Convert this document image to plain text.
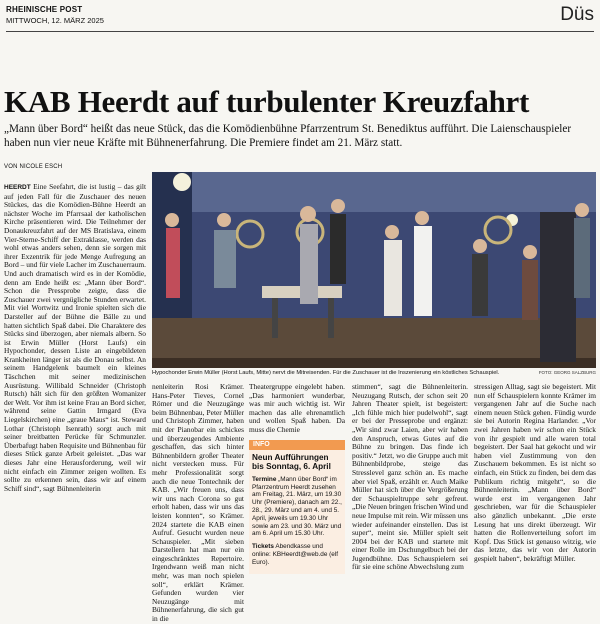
RHEINISCHE POST
MITTWOCH, 12. MÄRZ 2025	Düs
KAB Heerdt auf turbulenter Kreuzfahrt

„Mann über Bord“ heißt das neue Stück, das die Komödienbühne Pfarrzentrum St. Benediktus aufführt. Die Laienschauspieler haben nun vier neue Kräfte mit Bühnenerfahrung. Die Premiere findet am 21. März statt.

VON NICOLE ESCH

HEERDT Eine Seefahrt, die ist lustig – das gilt auf jeden Fall für die Zuschauer des neuen Stückes, das die Komödien-Bühne Heerdt an nächster Woche im Pfarrsaal der katholischen Kirche präsentieren wird. Die Teilnehmer der Donaukreuzfahrt auf der MS Bratislava, einem Vier-Sterne-Schiff der Extraklasse, werden das wohl etwas anders sehen, denn sie sorgen mit ihrer Exzentrik für jede Menge Aufregung an Bord – und für viele Lacher im Zuschauerraum. Und auch dramatisch wird es in der Komödie, denn am Ende heißt es: „Mann über Bord“. Schon die Pressprobe zeigte, dass die Zuschauer zwei vergnügliche Stunden erwartet. Mit viel Wortwitz und Ironie spielten sich die Darsteller auf der Bühne die Bälle zu und hatten sichtlich Spaß dabei. Die Charaktere des Stücks sind überzogen, aber niemals albern. So ist Erwin Müller (Horst Laufs) ein Hypochonder, dessen Liste an eingebildeten Krankheiten länger ist als die Donau selbst. An seinem Handgelenk baumelt ein kleines Täschchen mit seiner medizinischen Ausrüstung. Willibald Schneider (Christoph Rutsch) hält sich für den größten Womanizer der Welt. Vor ihm ist keine Frau an Bord sicher, während seine Gattin Irmgard (Eva Liegelskirchen) eine „graue Maus“ ist. Steward Lothar (Christoph Isenrath) sorgt auch mit seiner breitbatten Perücke für Schmunzler. Überbafugt haben Requisite und Bühnenbau für dieses Stück ganze Arbeit geleistet. „Das war dieses Jahr eine Herausforderung, weil wir nicht einfach ein Zimmer zeigen wollten. Es sollte zu erkennen sein, dass wir auf einem Schiff sind“, sagt Bühnenleiterin

Hypochonder Erwin Müller (Horst Laufs, Mitte) nervt die Mitreisenden. Für die Zuschauer ist die Inszenierung ein köstliches Schauspiel.	FOTO: GEORG SALZBURG

nenleiterin Rosi Krämer. Hans-Peter Tieves, Cornel Römer und die Neuzugänge beim Bühnenbau, Peter Müller und Christoph Zimmer, haben mit der Pianobar ein schickes und überzeugendes Ambiente geschaffen, das sich hinter Bühnenbildern großer Theater nicht verstecken muss. Für mehr Professionalität sorgt auch die neue Tontechnik der KAB. „Wir freuen uns, dass wir uns nach Corona so gut erholt haben, dass wir uns das leisten konnten“, so Krämer. 2024 startete die KAB einen Aufruf. Gesucht wurden neue Schauspieler. „Mit sieben Darstellern hat man nur ein eingeschränktes Repertoire. Irgendwann weiß man nicht mehr, was man noch spielen soll“, erklärt Krämer. Gefunden wurden vier Neuzugänge mit Bühnenerfahrung, die sich gut in die

Theatergruppe eingelebt haben. „Das harmoniert wunderbar, was mir auch wichtig ist. Wir machen das alle ehrenamtlich und wollen Spaß haben. Da muss die Chemie

INFO
Neun Aufführungen bis Sonntag, 6. April
Termine „Mann über Bord“ im Pfarrzentrum Heerdt zusehen am Freitag, 21. März, um 19.30 Uhr (Premiere), danach am 22., 28., 29. März und am 4. und 5. April, jeweils um 19.30 Uhr sowie am 23. und 30. März und am 6. April um 15.30 Uhr.
Tickets Abendkasse und online: KBHeerdt@web.de (elf Euro).

stimmen“, sagt die Bühnenleiterin. Neuzugang Rutsch, der schon seit 20 Jahren Theater spielt, ist begeistert: „Ich fühle mich hier pudelwohl“, sagt er bei der Presseprobe und ergänzt: „Wir sind zwar Laien, aber wir haben den Anspruch, etwas Gutes auf die Bühne zu bringen. Das finde ich positiv.“ Jetzt, wo die Gruppe auch mit Bühnenbildprobe, steige das Stresslevel ganz schön an. Es mache aber viel Spaß, erzählt er. Auch Maike Müller hat sich über die Vergrößerung der Schauspieltruppe sehr gefreut. „Die Neuen bringen frischen Wind und neue Impulse mit rein. Wir müssen uns wieder aufeinander einstellen. Das ist super“, meint sie. Müller spielt seit 2004 bei der KAB und startete mit einer Rolle im Dschungelbuch bei der Jugendbühne. Das Schauspielern sei für sie eine schöne Abwechslung zum

stressigen Alltag, sagt sie begeistert. Mit nun elf Schauspielern konnte Krämer im vergangenen Jahr auf die Suche nach einem neuen Stück gehen. Fündig wurde sie bei Autorin Regina Harlander. „Vor zwei Jahren haben wir schon ein Stück von ihr gespielt und alle waren total begeistert. Der Saal hat gekocht und wir haben viel Zustimmung von den Zuschauern bekommen. Es ist nicht so einfach, ein Stück zu finden, bei dem das Publikum richtig mitgeht“, so die Bühnenleiterin. „Mann über Bord“ wurde erst im vergangenen Jahr geschrieben, war für die Schauspieler also gänzlich unbekannt. „Die erste Lesung hat uns direkt überzeugt. Wir hatten die Rollenverteilung sofort im Kopf. Das Stück ist genauso witzig, wie das letzte, das wir von der Autorin gespielt haben“, bekräftigt Müller.
